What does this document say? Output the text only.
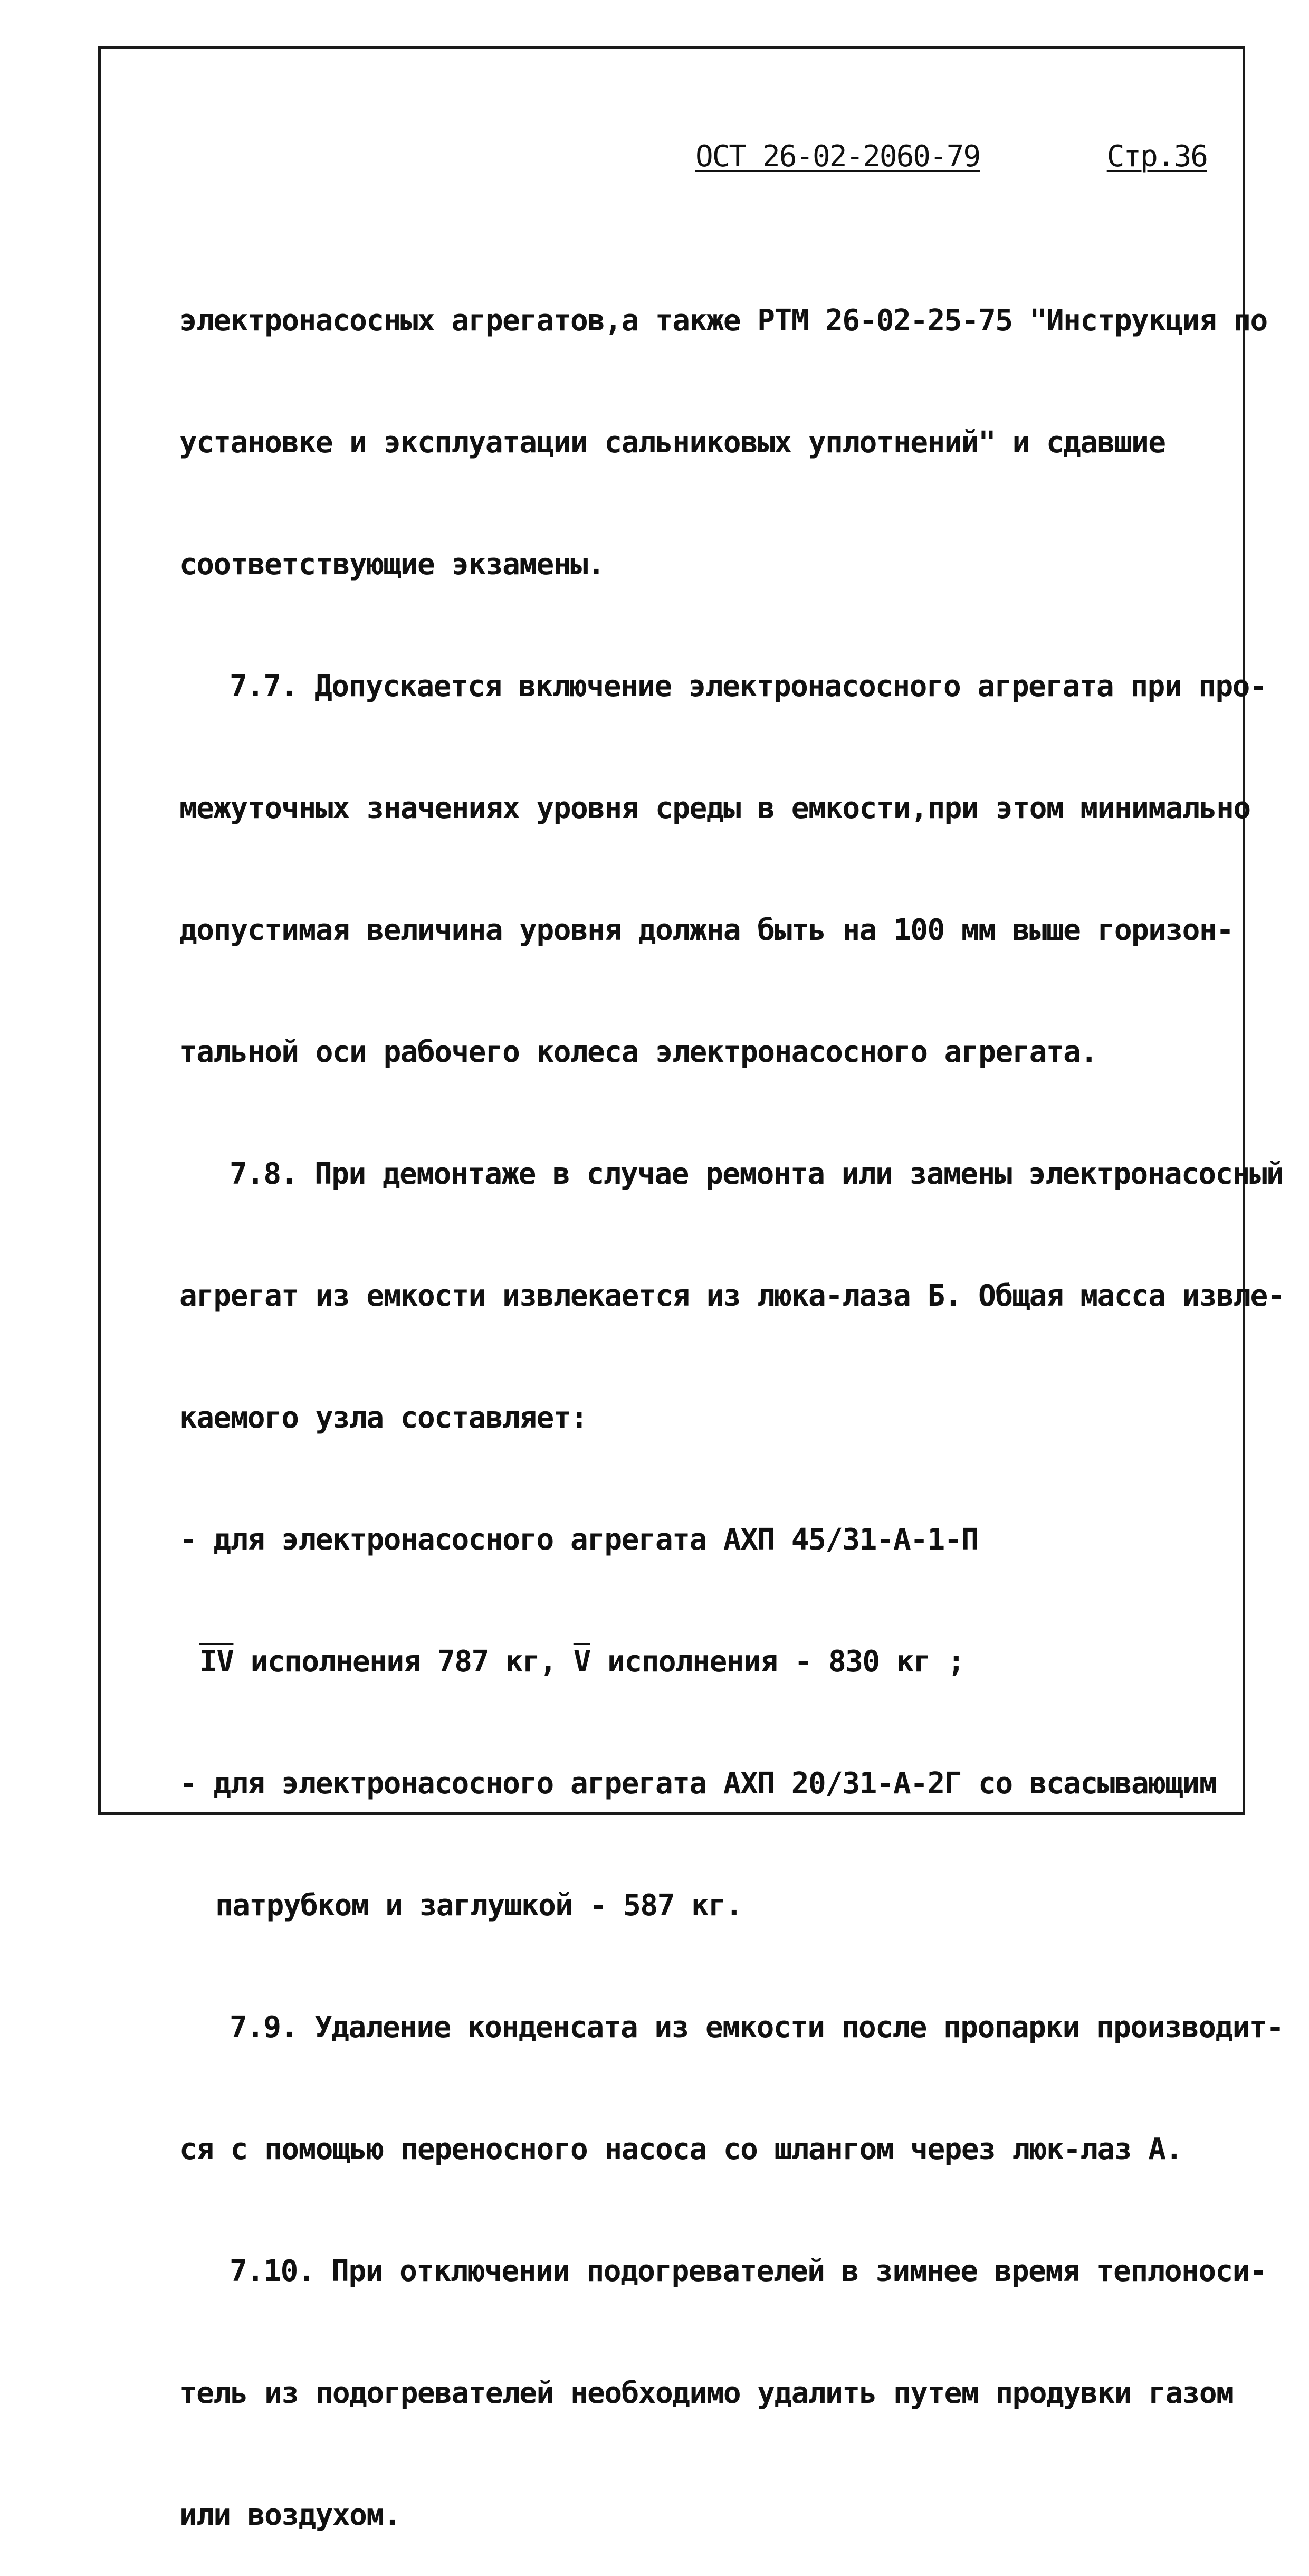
ОСТ 26-02-2060-79	Стр.36

электронасосных агрегатов,а также РТМ 26-02-25-75 "Инструкция по

установке и эксплуатации сальниковых уплотнений" и сдавшие

соответствующие экзамены.

7.7. Допускается включение электронасосного агрегата при про-

межуточных значениях уровня среды в емкости,при этом минимально

допустимая величина уровня должна быть на 100 мм выше горизон-

тальной оси рабочего колеса электронасосного агрегата.

7.8. При демонтаже в случае ремонта или замены электронасосный

агрегат из емкости извлекается из люка-лаза Б. Общая масса извле-

каемого узла составляет:

- для электронасосного агрегата АХП 45/31-А-1-П

$\overline{IV}$ исполнения 787 кг, $\overline{V}$ исполнения - 830 кг ;

- для электронасосного агрегата АХП 20/31-А-2Г со всасывающим

патрубком и заглушкой - 587 кг.

7.9. Удаление конденсата из емкости после пропарки производит-

ся с помощью переносного насоса со шлангом через люк-лаз А.

7.10. При отключении подогревателей в зимнее время теплоноси-

тель из подогревателей необходимо удалить путем продувки газом

или воздухом.
